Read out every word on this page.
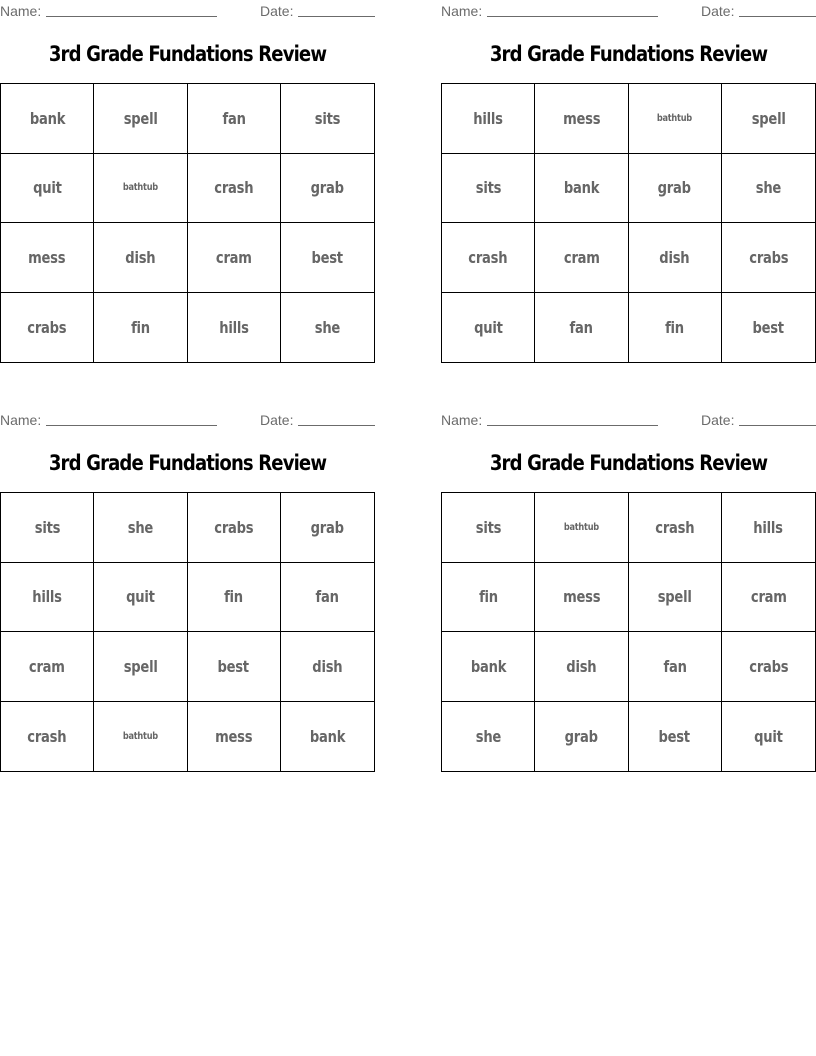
Name:	Date:
3rd Grade Fundations Review
bank	spell	fan	sits
quit	bathtub	crash	grab
mess	dish	cram	best
crabs	fin	hills	she
Name:	Date:
3rd Grade Fundations Review
hills	mess	bathtub	spell
sits	bank	grab	she
crash	cram	dish	crabs
quit	fan	fin	best
Name:	Date:
3rd Grade Fundations Review
sits	she	crabs	grab
hills	quit	fin	fan
cram	spell	best	dish
crash	bathtub	mess	bank
Name:	Date:
3rd Grade Fundations Review
sits	bathtub	crash	hills
fin	mess	spell	cram
bank	dish	fan	crabs
she	grab	best	quit
